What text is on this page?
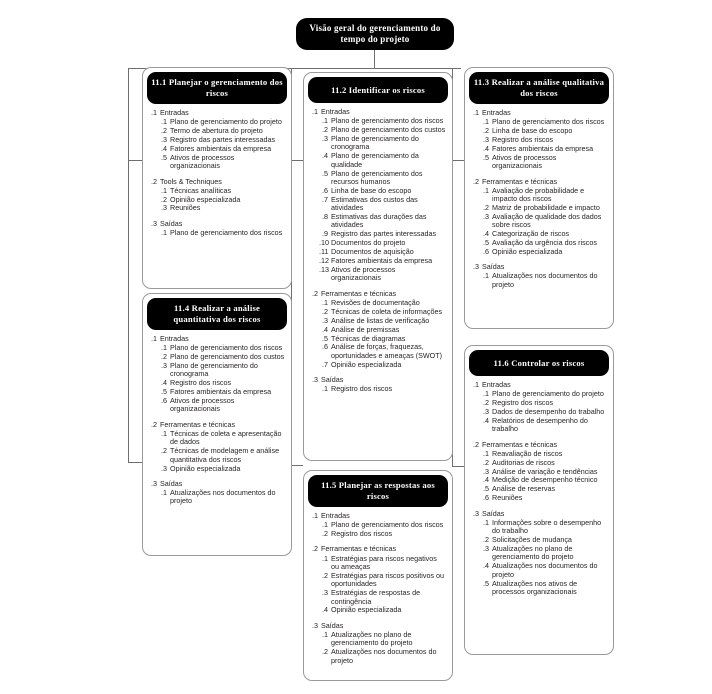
Visão geral do gerenciamento do tempo do projeto
11.1 Planejar o gerenciamento dos riscos
.1 Entradas
.1 Plano de gerenciamento do projeto
.2 Termo de abertura do projeto
.3 Registro das partes interessadas
.4 Fatores ambientais da empresa
.5 Ativos de processos organizacionais
.2 Tools & Techniques
.1 Técnicas analíticas
.2 Opinião especializada
.3 Reuniões
.3 Saídas
.1 Plano de gerenciamento dos riscos
11.4 Realizar a análise quantitativa dos riscos
.1 Entradas
.1 Plano de gerenciamento dos riscos
.2 Plano de gerenciamento dos custos
.3 Plano de gerenciamento do cronograma
.4 Registro dos riscos
.5 Fatores ambientais da empresa
.6 Ativos de processos organizacionais
.2 Ferramentas e técnicas
.1 Técnicas de coleta e apresentação de dados
.2 Técnicas de modelagem e análise quantitativa dos riscos
.3 Opinião especializada
.3 Saídas
.1 Atualizações nos documentos do projeto
11.2 Identificar os riscos
.1 Entradas
.1 Plano de gerenciamento dos riscos
.2 Plano de gerenciamento dos custos
.3 Plano de gerenciamento do cronograma
.4 Plano de gerenciamento da qualidade
.5 Plano de gerenciamento dos recursos humanos
.6 Linha de base do escopo
.7 Estimativas dos custos das atividades
.8 Estimativas das durações das atividades
.9 Registro das partes interessadas
.10 Documentos do projeto
.11 Documentos de aquisição
.12 Fatores ambientais da empresa
.13 Ativos de processos organizacionais
.2 Ferramentas e técnicas
.1 Revisões de documentação
.2 Técnicas de coleta de informações
.3 Análise de listas de verificação
.4 Análise de premissas
.5 Técnicas de diagramas
.6 Análise de forças, fraquezas, oportunidades e ameaças (SWOT)
.7 Opinião especializada
.3 Saídas
.1 Registro dos riscos
11.5 Planejar as respostas aos riscos
.1 Entradas
.1 Plano de gerenciamento dos riscos
.2 Registro dos riscos
.2 Ferramentas e técnicas
.1 Estratégias para riscos negativos ou ameaças
.2 Estratégias para riscos positivos ou oportunidades
.3 Estratégias de respostas de contingência
.4 Opinião especializada
.3 Saídas
.1 Atualizações no plano de gerenciamento do projeto
.2 Atualizações nos documentos do projeto
11.3 Realizar a análise qualitativa dos riscos
.1 Entradas
.1 Plano de gerenciamento dos riscos
.2 Linha de base do escopo
.3 Registro dos riscos
.4 Fatores ambientais da empresa
.5 Ativos de processos organizacionais
.2 Ferramentas e técnicas
.1 Avaliação de probabilidade e impacto dos riscos
.2 Matriz de probabilidade e impacto
.3 Avaliação de qualidade dos dados sobre riscos
.4 Categorização de riscos
.5 Avaliação da urgência dos riscos
.6 Opinião especializada
.3 Saídas
.1 Atualizações nos documentos do projeto
11.6 Controlar os riscos
.1 Entradas
.1 Plano de gerenciamento do projeto
.2 Registro dos riscos
.3 Dados de desempenho do trabalho
.4 Relatórios de desempenho do trabalho
.2 Ferramentas e técnicas
.1 Reavaliação de riscos
.2 Auditorias de riscos
.3 Análise de variação e tendências
.4 Medição de desempenho técnico
.5 Análise de reservas
.6 Reuniões
.3 Saídas
.1 Informações sobre o desempenho do trabalho
.2 Solicitações de mudança
.3 Atualizações no plano de gerenciamento do projeto
.4 Atualizações nos documentos do projeto
.5 Atualizações nos ativos de processos organizacionais
